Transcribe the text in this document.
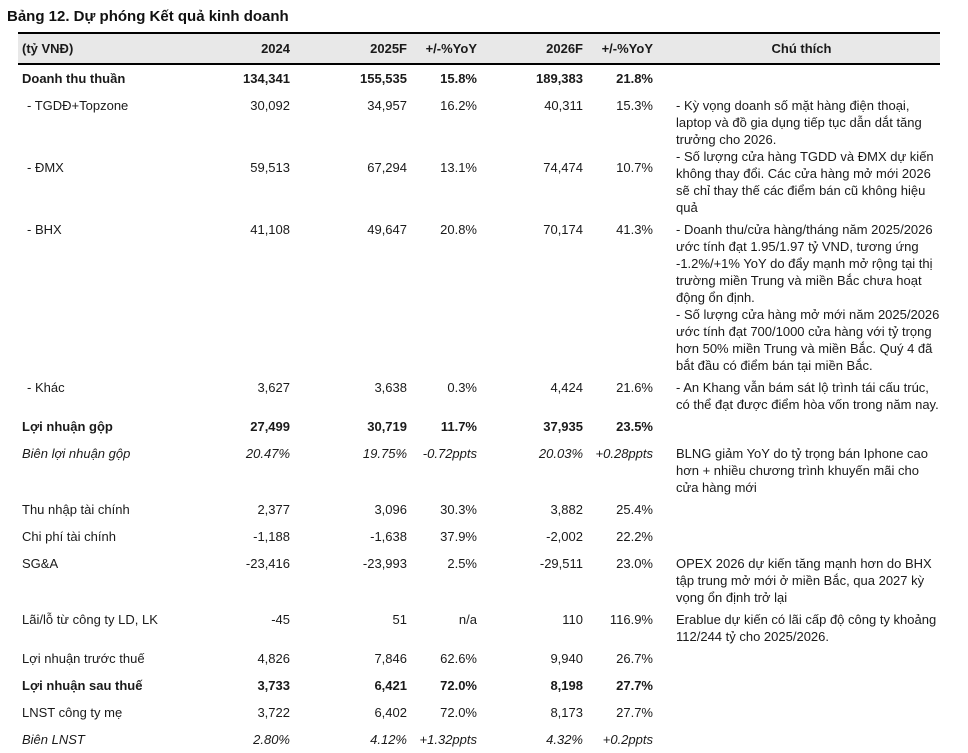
Bảng 12. Dự phóng Kết quả kinh doanh
(tỷ VNĐ)	2024	2025F	+/-%YoY	2026F	+/-%YoY	Chú thích
Doanh thu thuần	134,341	155,535	15.8%	189,383	21.8%	
- TGDĐ+Topzone	30,092	34,957	16.2%	40,311	15.3%	- Kỳ vọng doanh số mặt hàng điện thoại, laptop và đồ gia dụng tiếp tục dẫn dắt tăng trưởng cho 2026.
- Số lượng cửa hàng TGDD và ĐMX dự kiến không thay đổi. Các cửa hàng mở mới 2026 sẽ chỉ thay thế các điểm bán cũ không hiệu quả

- ĐMX	59,513	67,294	13.1%	74,474	10.7%	
- BHX	41,108	49,647	20.8%	70,174	41.3%	- Doanh thu/cửa hàng/tháng năm 2025/2026 ước tính đạt 1.95/1.97 tỷ VND, tương ứng -1.2%/+1% YoY do đẩy mạnh mở rộng tại thị trường miền Trung và miền Bắc chưa hoạt động ổn định.
- Số lượng cửa hàng mở mới năm 2025/2026 ước tính đạt 700/1000 cửa hàng với tỷ trọng hơn 50% miền Trung và miền Bắc. Quý 4 đã bắt đầu có điểm bán tại miền Bắc.

- Khác	3,627	3,638	0.3%	4,424	21.6%	- An Khang vẫn bám sát lộ trình tái cấu trúc, có thể đạt được điểm hòa vốn trong năm nay.

Lợi nhuận gộp	27,499	30,719	11.7%	37,935	23.5%	
Biên lợi nhuận gộp	20.47%	19.75%	-0.72ppts	20.03%	+0.28ppts	BLNG giảm YoY do tỷ trọng bán Iphone cao hơn + nhiều chương trình khuyến mãi cho cửa hàng mới

Thu nhập tài chính	2,377	3,096	30.3%	3,882	25.4%	
Chi phí tài chính	-1,188	-1,638	37.9%	-2,002	22.2%	
SG&A	-23,416	-23,993	2.5%	-29,511	23.0%	OPEX 2026 dự kiến tăng mạnh hơn do BHX tập trung mở mới ở miền Bắc, qua 2027 kỳ vọng ổn định trở lại

Lãi/lỗ từ công ty LD, LK	-45	51	n/a	110	116.9%	Erablue dự kiến có lãi cấp độ công ty khoảng 112/244 tỷ cho 2025/2026.

Lợi nhuận trước thuế	4,826	7,846	62.6%	9,940	26.7%	
Lợi nhuận sau thuế	3,733	6,421	72.0%	8,198	27.7%	
LNST công ty mẹ	3,722	6,402	72.0%	8,173	27.7%	
Biên LNST	2.80%	4.12%	+1.32ppts	4.32%	+0.2ppts	
